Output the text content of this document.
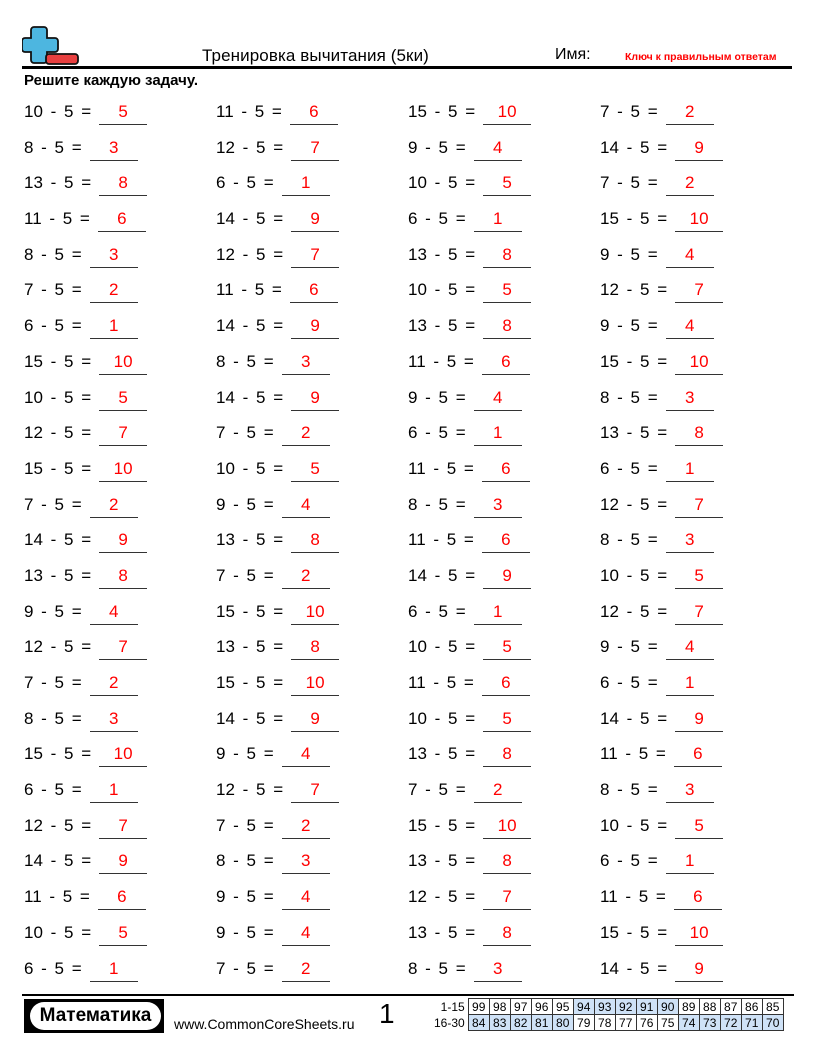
Тренировка вычитания (5ки)	Имя:	Ключ к правильным ответам
Решите каждую задачу.
10 - 5 = 5	11 - 5 = 6	15 - 5 = 10	7 - 5 = 2
8 - 5 = 3	12 - 5 = 7	9 - 5 = 4	14 - 5 = 9
13 - 5 = 8	6 - 5 = 1	10 - 5 = 5	7 - 5 = 2
11 - 5 = 6	14 - 5 = 9	6 - 5 = 1	15 - 5 = 10
8 - 5 = 3	12 - 5 = 7	13 - 5 = 8	9 - 5 = 4
7 - 5 = 2	11 - 5 = 6	10 - 5 = 5	12 - 5 = 7
6 - 5 = 1	14 - 5 = 9	13 - 5 = 8	9 - 5 = 4
15 - 5 = 10	8 - 5 = 3	11 - 5 = 6	15 - 5 = 10
10 - 5 = 5	14 - 5 = 9	9 - 5 = 4	8 - 5 = 3
12 - 5 = 7	7 - 5 = 2	6 - 5 = 1	13 - 5 = 8
15 - 5 = 10	10 - 5 = 5	11 - 5 = 6	6 - 5 = 1
7 - 5 = 2	9 - 5 = 4	8 - 5 = 3	12 - 5 = 7
14 - 5 = 9	13 - 5 = 8	11 - 5 = 6	8 - 5 = 3
13 - 5 = 8	7 - 5 = 2	14 - 5 = 9	10 - 5 = 5
9 - 5 = 4	15 - 5 = 10	6 - 5 = 1	12 - 5 = 7
12 - 5 = 7	13 - 5 = 8	10 - 5 = 5	9 - 5 = 4
7 - 5 = 2	15 - 5 = 10	11 - 5 = 6	6 - 5 = 1
8 - 5 = 3	14 - 5 = 9	10 - 5 = 5	14 - 5 = 9
15 - 5 = 10	9 - 5 = 4	13 - 5 = 8	11 - 5 = 6
6 - 5 = 1	12 - 5 = 7	7 - 5 = 2	8 - 5 = 3
12 - 5 = 7	7 - 5 = 2	15 - 5 = 10	10 - 5 = 5
14 - 5 = 9	8 - 5 = 3	13 - 5 = 8	6 - 5 = 1
11 - 5 = 6	9 - 5 = 4	12 - 5 = 7	11 - 5 = 6
10 - 5 = 5	9 - 5 = 4	13 - 5 = 8	15 - 5 = 10
6 - 5 = 1	7 - 5 = 2	8 - 5 = 3	14 - 5 = 9
Математика	www.CommonCoreSheets.ru 1	1-15	99	98	97	96	95	94	93	92	91	90	89	88	87	86	85
16-30	84	83	82	81	80	79	78	77	76	75	74	73	72	71	70
